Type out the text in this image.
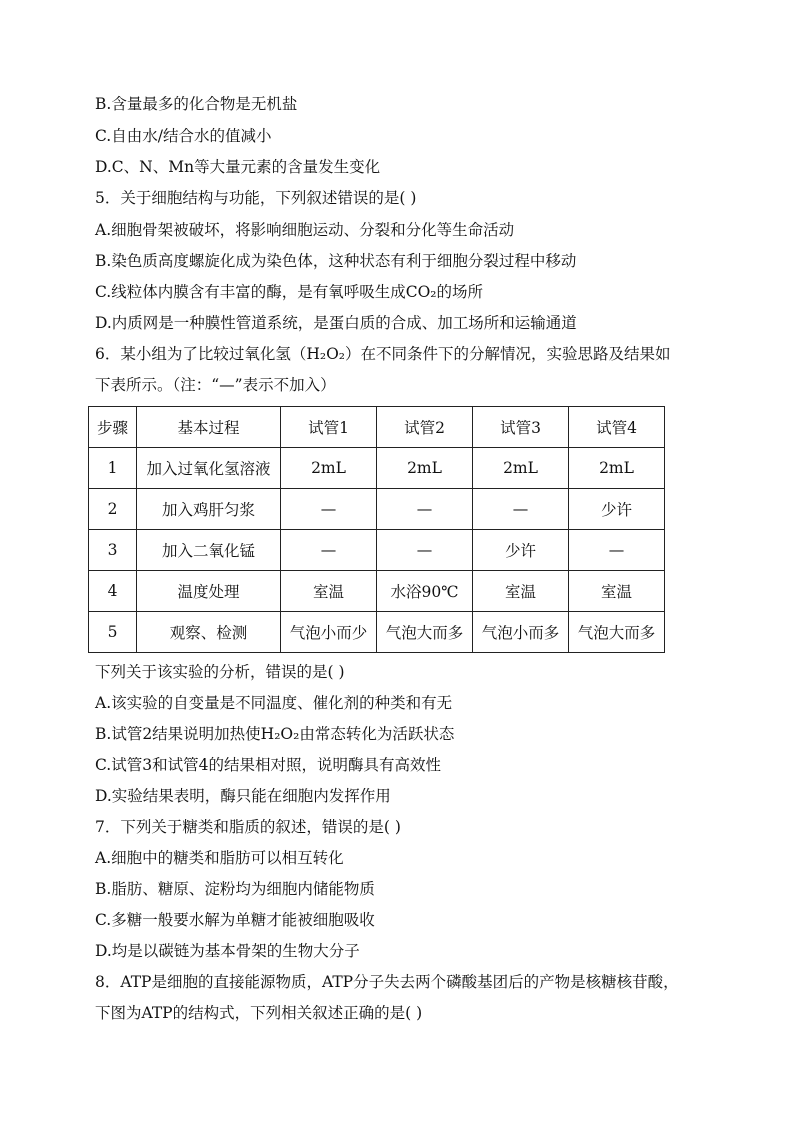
B.含量最多的化合物是无机盐
C.自由水/结合水的值减小
D.C、N、Mn等大量元素的含量发生变化
5．关于细胞结构与功能，下列叙述错误的是( )
A.细胞骨架被破坏，将影响细胞运动、分裂和分化等生命活动
B.染色质高度螺旋化成为染色体，这种状态有利于细胞分裂过程中移动
C.线粒体内膜含有丰富的酶，是有氧呼吸生成CO₂的场所
D.内质网是一种膜性管道系统，是蛋白质的合成、加工场所和运输通道
6．某小组为了比较过氧化氢（H₂O₂）在不同条件下的分解情况，实验思路及结果如
下表所示。（注：“—”表示不加入）
步骤	基本过程	试管1	试管2	试管3	试管4
1	加入过氧化氢溶液	2mL	2mL	2mL	2mL
2	加入鸡肝匀浆	—	—	—	少许
3	加入二氧化锰	—	—	少许	—
4	温度处理	室温	水浴90℃	室温	室温
5	观察、检测	气泡小而少	气泡大而多	气泡小而多	气泡大而多
下列关于该实验的分析，错误的是( )
A.该实验的自变量是不同温度、催化剂的种类和有无
B.试管2结果说明加热使H₂O₂由常态转化为活跃状态
C.试管3和试管4的结果相对照，说明酶具有高效性
D.实验结果表明，酶只能在细胞内发挥作用
7．下列关于糖类和脂质的叙述，错误的是( )
A.细胞中的糖类和脂肪可以相互转化
B.脂肪、糖原、淀粉均为细胞内储能物质
C.多糖一般要水解为单糖才能被细胞吸收
D.均是以碳链为基本骨架的生物大分子
8．ATP是细胞的直接能源物质，ATP分子失去两个磷酸基团后的产物是核糖核苷酸，
下图为ATP的结构式，下列相关叙述正确的是( )
